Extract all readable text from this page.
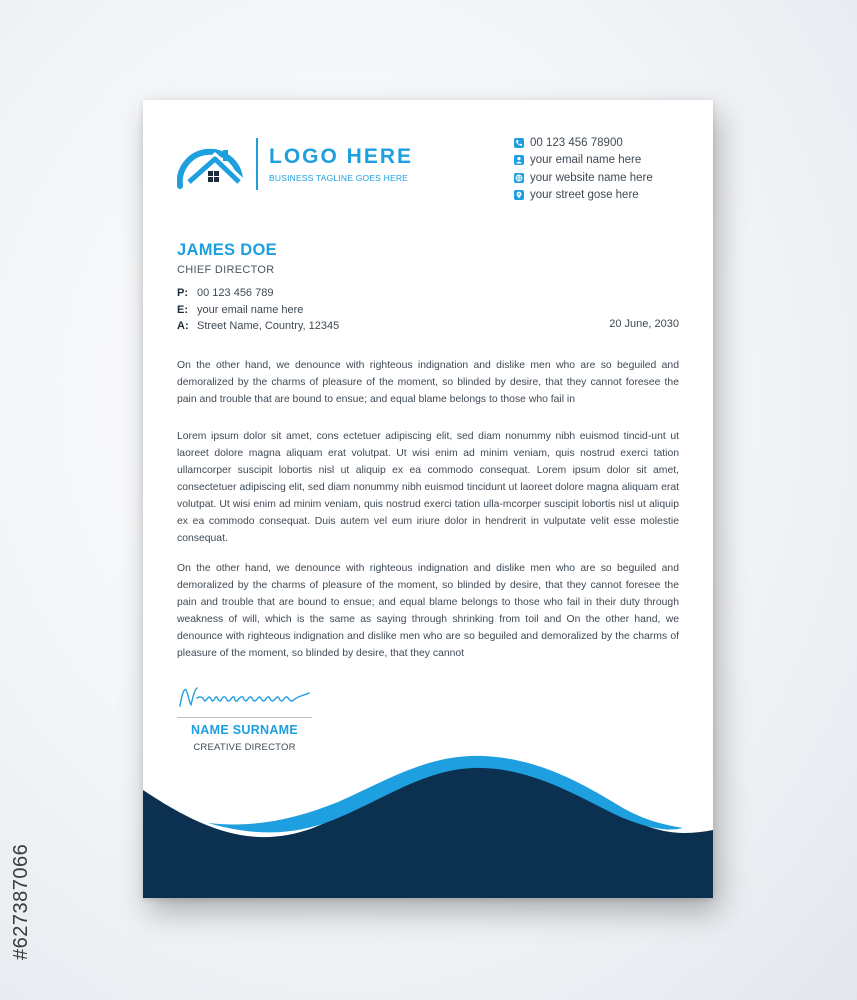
#627387066
LOGO HERE
BUSINESS TAGLINE GOES HERE
00 123 456 78900
your email name here
your website name here
your street gose here
JAMES DOE
CHIEF DIRECTOR
P: 00 123 456 789
E: your email name here
A: Street Name, Country, 12345	20 June, 2030

On the other hand, we denounce with righteous indignation and dislike men who are so beguiled and demoralized by the charms of pleasure of the moment, so blinded by desire, that they cannot foresee the pain and trouble that are bound to ensue; and equal blame belongs to those who fail in

Lorem ipsum dolor sit amet, cons ectetuer adipiscing elit, sed diam nonummy nibh euismod tincid-unt ut laoreet dolore magna aliquam erat volutpat. Ut wisi enim ad minim veniam, quis nostrud exerci tation ullamcorper suscipit lobortis nisl ut aliquip ex ea commodo consequat. Lorem ipsum dolor sit amet, consectetuer adipiscing elit, sed diam nonummy nibh euismod tincidunt ut laoreet dolore magna aliquam erat volutpat. Ut wisi enim ad minim veniam, quis nostrud exerci tation ulla-mcorper suscipit lobortis nisl ut aliquip ex ea commodo consequat. Duis autem vel eum iriure dolor in hendrerit in vulputate velit esse molestie consequat.

On the other hand, we denounce with righteous indignation and dislike men who are so beguiled and demoralized by the charms of pleasure of the moment, so blinded by desire, that they cannot foresee the pain and trouble that are bound to ensue; and equal blame belongs to those who fail in their duty through weakness of will, which is the same as saying through shrinking from toil and On the other hand, we denounce with righteous indignation and dislike men who are so beguiled and demoralized by the charms of pleasure of the moment, so blinded by desire, that they cannot

NAME SURNAME
CREATIVE DIRECTOR
